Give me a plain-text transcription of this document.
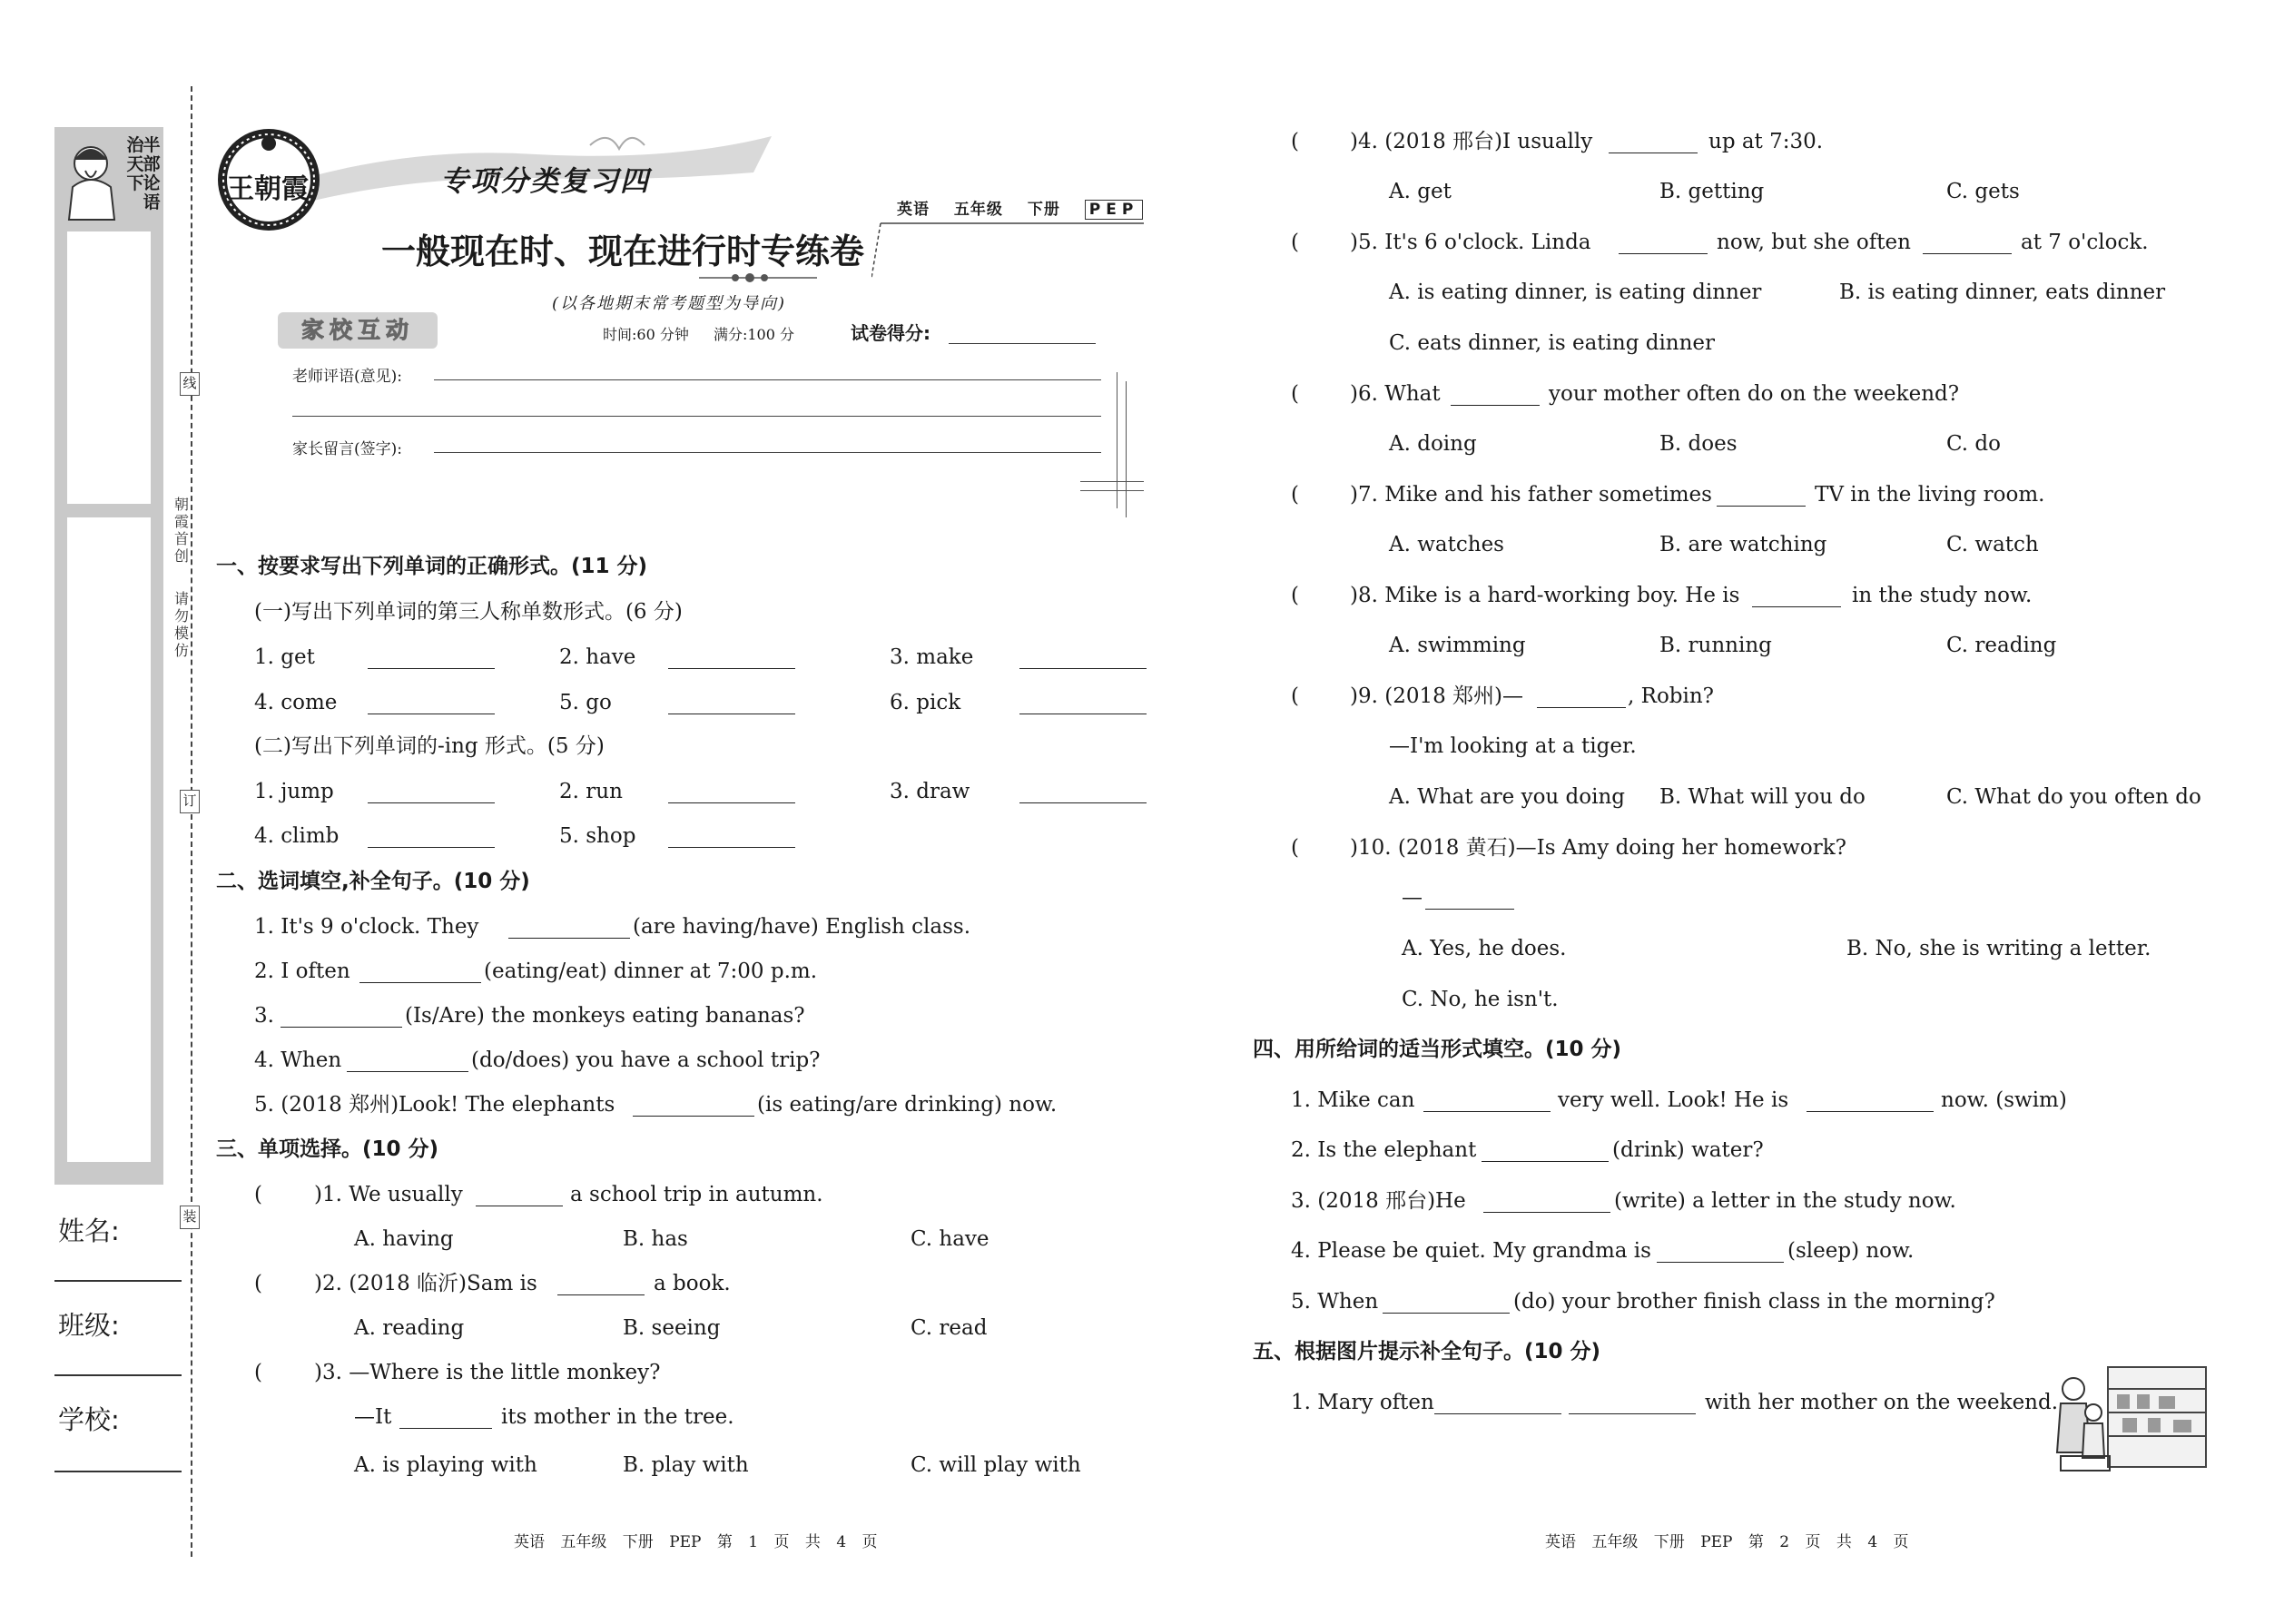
治天下
半部论语
姓名:
班级:
学校:
线
订
装
朝霞首创
请勿模仿
王朝霞	专项分类复习四
英语 五年级 下册 PEP
一般现在时、现在进行时专练卷
(以各地期末常考题型为导向)
家校互动	时间:60 分钟 满分:100 分	试卷得分:
老师评语(意见):
家长留言(签字):
一、按要求写出下列单词的正确形式。(11 分)
(一)写出下列单词的第三人称单数形式。(6 分)
1. get	2. have	3. make
4. come	5. go	6. pick
(二)写出下列单词的-ing 形式。(5 分)
1. jump	2. run	3. draw
4. climb	5. shop
二、选词填空,补全句子。(10 分)
1. It's 9 o'clock. They	(are having/have) English class.
2. I often	(eating/eat) dinner at 7:00 p.m.
3.	(Is/Are) the monkeys eating bananas?
4. When	(do/does) you have a school trip?
5. (2018 郑州)Look! The elephants	(is eating/are drinking) now.
三、单项选择。(10 分)
( )1. We usually	a school trip in autumn.
A. having	B. has	C. have
( )2. (2018 临沂)Sam is	a book.
A. reading	B. seeing	C. read
( )3. —Where is the little monkey?
—It	its mother in the tree.
A. is playing with	B. play with	C. will play with
英语 五年级 下册 PEP 第 1 页 共 4 页
( )4. (2018 邢台)I usually	up at 7:30.
A. get	B. getting	C. gets
( )5. It's 6 o'clock. Linda	now, but she often	at 7 o'clock.
A. is eating dinner, is eating dinner	B. is eating dinner, eats dinner
C. eats dinner, is eating dinner
( )6. What	your mother often do on the weekend?
A. doing	B. does	C. do
( )7. Mike and his father sometimes	TV in the living room.
A. watches	B. are watching	C. watch
( )8. Mike is a hard-working boy. He is	in the study now.
A. swimming	B. running	C. reading
( )9. (2018 郑州)—	, Robin?
—I'm looking at a tiger.
A. What are you doing B. What will you do	C. What do you often do
( )10. (2018 黄石)—Is Amy doing her homework?
—
A. Yes, he does.	B. No, she is writing a letter.
C. No, he isn't.
四、用所给词的适当形式填空。(10 分)
1. Mike can	very well. Look! He is	now. (swim)
2. Is the elephant	(drink) water?
3. (2018 邢台)He	(write) a letter in the study now.
4. Please be quiet. My grandma is	(sleep) now.
5. When	(do) your brother finish class in the morning?
五、根据图片提示补全句子。(10 分)
1. Mary often	with her mother on the weekend.
英语 五年级 下册 PEP 第 2 页 共 4 页
